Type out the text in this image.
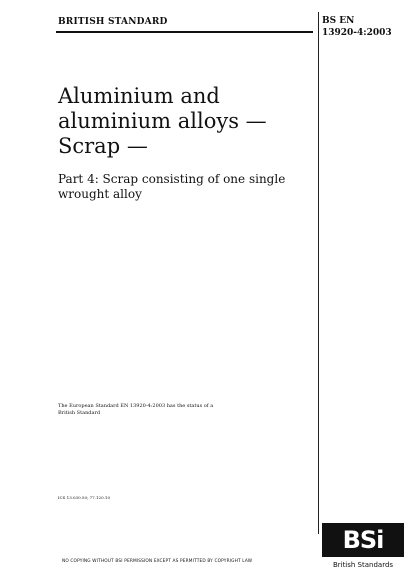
BRITISH STANDARD	BS EN
13920-4:2003
Aluminium and
aluminium alloys —
Scrap —
Part 4: Scrap consisting of one single
wrought alloy
The European Standard EN 13920-4:2003 has the status of a
British Standard
ICS 13.030.50; 77.120.10
NO COPYING WITHOUT BSI PERMISSION EXCEPT AS PERMITTED BY COPYRIGHT LAW
BSi
British Standards
